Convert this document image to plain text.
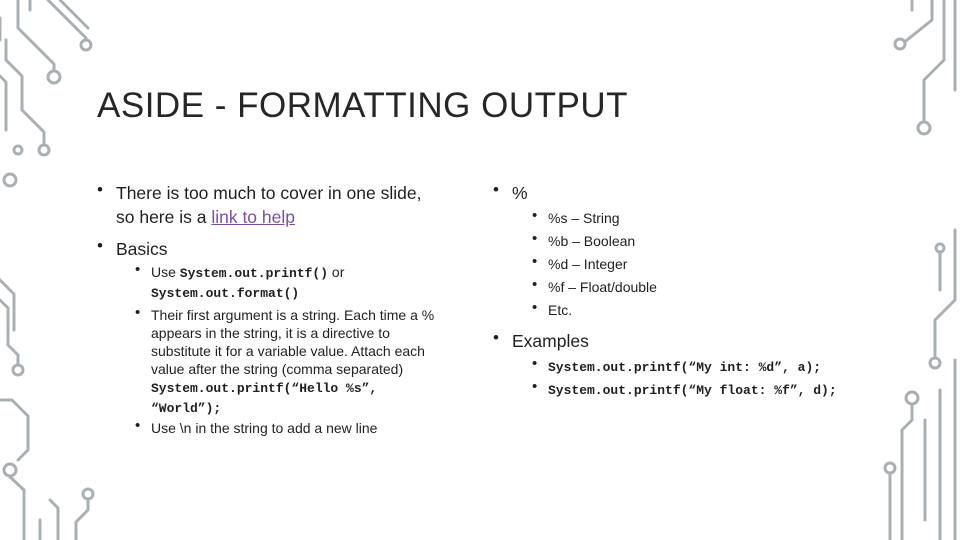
ASIDE - FORMATTING OUTPUT
• There is too much to cover in one slide,
so here is a link to help
• Basics
• Use System.out.printf() or
System.out.format()
• Their first argument is a string. Each time a %
appears in the string, it is a directive to
substitute it for a variable value. Attach each
value after the string (comma separated)
System.out.printf(“Hello %s”,
“World”);
• Use \n in the string to add a new line
• %
• %s – String
• %b – Boolean
• %d – Integer
• %f – Float/double
• Etc.
• Examples
• System.out.printf(“My int: %d”, a);
• System.out.printf(“My float: %f”, d);
